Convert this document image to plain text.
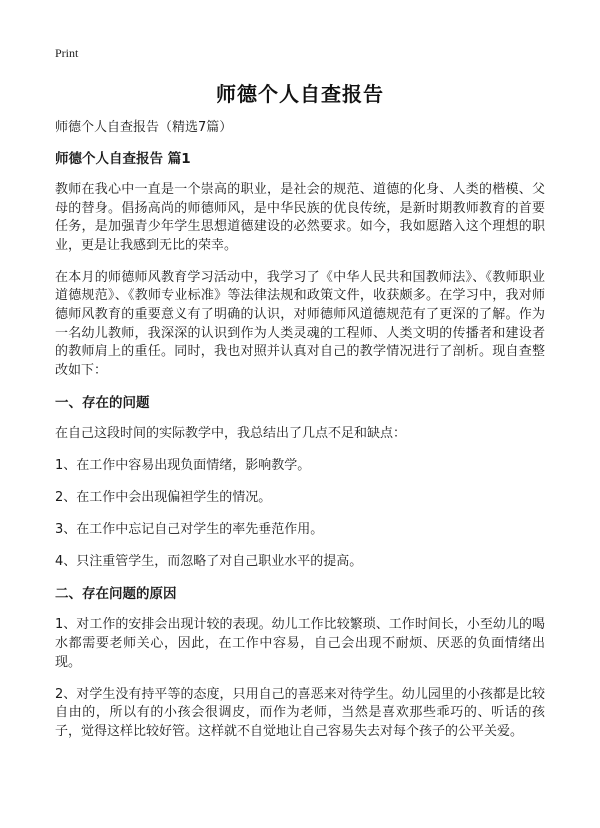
Print
师德个人自查报告
师德个人自查报告（精选7篇）
师德个人自查报告 篇1

教师在我心中一直是一个崇高的职业，是社会的规范、道德的化身、人类的楷模、父母的替身。倡扬高尚的师德师风，是中华民族的优良传统，是新时期教师教育的首要任务，是加强青少年学生思想道德建设的必然要求。如今，我如愿踏入这个理想的职业，更是让我感到无比的荣幸。

在本月的师德师风教育学习活动中，我学习了《中华人民共和国教师法》、《教师职业道德规范》、《教师专业标准》等法律法规和政策文件，收获颇多。在学习中，我对师德师风教育的重要意义有了明确的认识，对师德师风道德规范有了更深的了解。作为一名幼儿教师，我深深的认识到作为人类灵魂的工程师、人类文明的传播者和建设者的教师肩上的重任。同时，我也对照并认真对自己的教学情况进行了剖析。现自查整改如下：

一、存在的问题

在自己这段时间的实际教学中，我总结出了几点不足和缺点：

1、在工作中容易出现负面情绪，影响教学。

2、在工作中会出现偏袒学生的情况。

3、在工作中忘记自己对学生的率先垂范作用。

4、只注重管学生，而忽略了对自己职业水平的提高。

二、存在问题的原因

1、对工作的安排会出现计较的表现。幼儿工作比较繁琐、工作时间长，小至幼儿的喝水都需要老师关心，因此，在工作中容易，自己会出现不耐烦、厌恶的负面情绪出现。

2、对学生没有持平等的态度，只用自己的喜恶来对待学生。幼儿园里的小孩都是比较自由的，所以有的小孩会很调皮，而作为老师，当然是喜欢那些乖巧的、听话的孩子，觉得这样比较好管。这样就不自觉地让自己容易失去对每个孩子的公平关爱。
